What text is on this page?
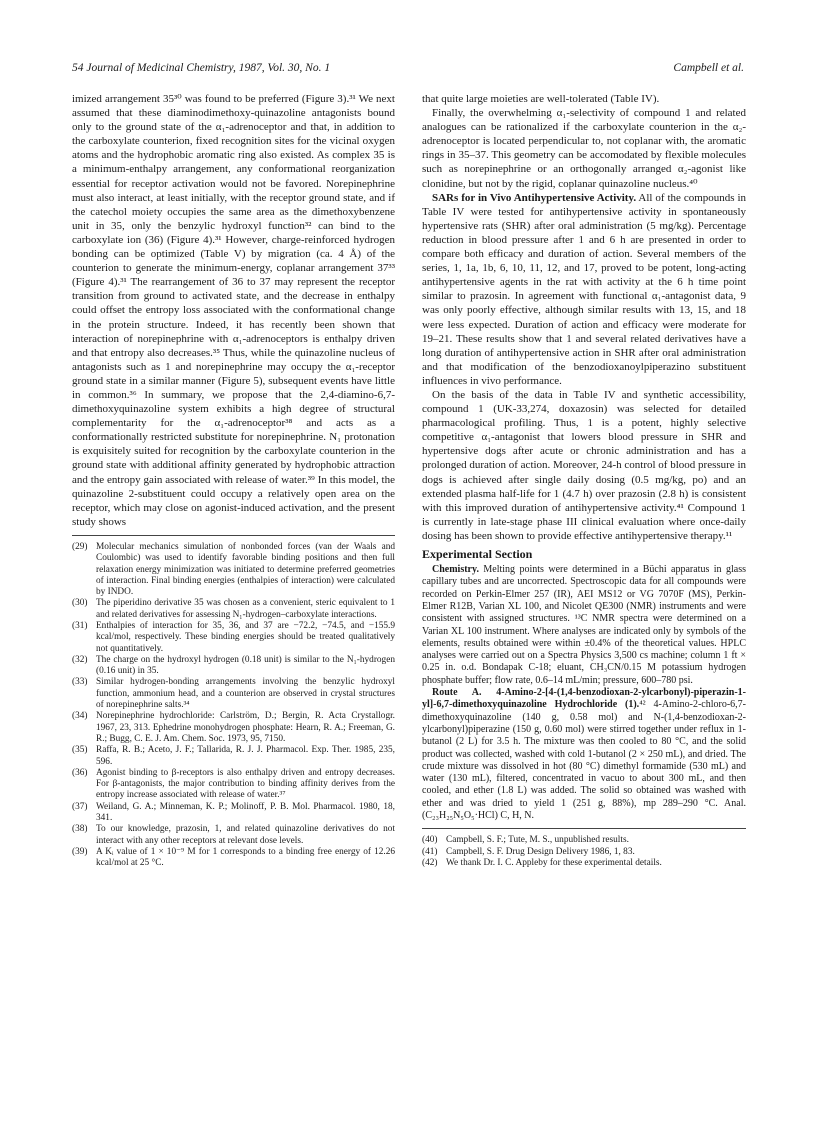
54 Journal of Medicinal Chemistry, 1987, Vol. 30, No. 1	Campbell et al.

imized arrangement 35³⁰ was found to be preferred (Figure 3).³¹ We next assumed that these diaminodimethoxy-quinazoline antagonists bound only to the ground state of the α₁-adrenoceptor and that, in addition to the carboxylate counterion, fixed recognition sites for the vicinal oxygen atoms and the hydrophobic aromatic ring also existed. As complex 35 is a minimum-enthalpy arrangement, any conformational reorganization essential for receptor activation would not be favored. Norepinephrine must also interact, at least initially, with the receptor ground state, and if the catechol moiety occupies the same area as the dimethoxybenzene unit in 35, only the benzylic hydroxyl function³² can bind to the carboxylate ion (36) (Figure 4).³¹ However, charge-reinforced hydrogen bonding can be optimized (Table V) by migration (ca. 4 Å) of the counterion to generate the minimum-energy, coplanar arrangement 37³³ (Figure 4).³¹ The rearrangement of 36 to 37 may represent the receptor transition from ground to activated state, and the decrease in enthalpy could offset the entropy loss associated with the conformational change in the protein structure. Indeed, it has recently been shown that interaction of norepinephrine with α₁-adrenoceptors is enthalpy driven and that entropy also decreases.³⁵ Thus, while the quinazoline nucleus of antagonists such as 1 and norepinephrine may occupy the α₁-receptor ground state in a similar manner (Figure 5), subsequent events have little in common.³⁶ In summary, we propose that the 2,4-diamino-6,7-dimethoxyquinazoline system exhibits a high degree of structural complementarity for the α₁-adrenoceptor³⁸ and acts as a conformationally restricted substitute for norepinephrine. N₁ protonation is exquisitely suited for recognition by the carboxylate counterion in the ground state with additional affinity generated by hydrophobic attraction and the entropy gain associated with release of water.³⁹ In this model, the quinazoline 2-substituent could occupy a relatively open area on the receptor, which may close on agonist-induced activation, and the present study shows

(29) Molecular mechanics simulation of nonbonded forces (van der Waals and Coulombic) was used to identify favorable binding positions and then full relaxation energy minimization was initiated to determine preferred geometries of interaction. Final binding energies (enthalpies of interaction) were calculated by INDO.
(30) The piperidino derivative 35 was chosen as a convenient, steric equivalent to 1 and related derivatives for assessing N₁-hydrogen–carboxylate interactions.
(31) Enthalpies of interaction for 35, 36, and 37 are −72.2, −74.5, and −155.9 kcal/mol, respectively. These binding energies should be treated qualitatively not quantitatively.
(32) The charge on the hydroxyl hydrogen (0.18 unit) is similar to the N₁-hydrogen (0.16 unit) in 35.
(33) Similar hydrogen-bonding arrangements involving the benzylic hydroxyl function, ammonium head, and a counterion are observed in crystal structures of norepinephrine salts.³⁴
(34) Norepinephrine hydrochloride: Carlström, D.; Bergin, R. Acta Crystallogr. 1967, 23, 313. Ephedrine monohydrogen phosphate: Hearn, R. A.; Freeman, G. R.; Bugg, C. E. J. Am. Chem. Soc. 1973, 95, 7150.
(35) Raffa, R. B.; Aceto, J. F.; Tallarida, R. J. J. Pharmacol. Exp. Ther. 1985, 235, 596.
(36) Agonist binding to β-receptors is also enthalpy driven and entropy decreases. For β-antagonists, the major contribution to binding affinity derives from the entropy increase associated with release of water.³⁷
(37) Weiland, G. A.; Minneman, K. P.; Molinoff, P. B. Mol. Pharmacol. 1980, 18, 341.
(38) To our knowledge, prazosin, 1, and related quinazoline derivatives do not interact with any other receptors at relevant dose levels.
(39) A Kᵢ value of 1 × 10⁻⁹ M for 1 corresponds to a binding free energy of 12.26 kcal/mol at 25 °C.

that quite large moieties are well-tolerated (Table IV).

Finally, the overwhelming α₁-selectivity of compound 1 and related analogues can be rationalized if the carboxylate counterion in the α₂-adrenoceptor is located perpendicular to, not coplanar with, the aromatic rings in 35–37. This geometry can be accomodated by flexible molecules such as norepinephrine or an orthogonally arranged α₂-agonist like clonidine, but not by the rigid, coplanar quinazoline nucleus.⁴⁰

SARs for in Vivo Antihypertensive Activity. All of the compounds in Table IV were tested for antihypertensive activity in spontaneously hypertensive rats (SHR) after oral administration (5 mg/kg). Percentage reduction in blood pressure after 1 and 6 h are presented in order to compare both efficacy and duration of action. Several members of the series, 1, 1a, 1b, 6, 10, 11, 12, and 17, proved to be potent, long-acting antihypertensive agents in the rat with activity at the 6 h time point similar to prazosin. In agreement with functional α₁-antagonist data, 9 was only poorly effective, although similar results with 13, 15, and 18 were less expected. Duration of action and efficacy were moderate for 19–21. These results show that 1 and several related derivatives have a long duration of antihypertensive action in SHR after oral administration and that modification of the benzodioxanoylpiperazino substituent influences in vivo performance.

On the basis of the data in Table IV and synthetic accessibility, compound 1 (UK-33,274, doxazosin) was selected for detailed pharmacological profiling. Thus, 1 is a potent, highly selective competitive α₁-antagonist that lowers blood pressure in SHR and hypertensive dogs after acute or chronic administration and has a prolonged duration of action. Moreover, 24-h control of blood pressure in dogs is achieved after single daily dosing (0.5 mg/kg, po) and an extended plasma half-life for 1 (4.7 h) over prazosin (2.8 h) is consistent with this improved duration of antihypertensive activity.⁴¹ Compound 1 is currently in late-stage phase III clinical evaluation where once-daily dosing has been shown to provide effective antihypertensive therapy.¹¹

Experimental Section

Chemistry. Melting points were determined in a Büchi apparatus in glass capillary tubes and are uncorrected. Spectroscopic data for all compounds were recorded on Perkin-Elmer 257 (IR), AEI MS12 or VG 7070F (MS), Perkin-Elmer R12B, Varian XL 100, and Nicolet QE300 (NMR) instruments and were consistent with assigned structures. ¹³C NMR spectra were determined on a Varian XL 100 instrument. Where analyses are indicated only by symbols of the elements, results obtained were within ±0.4% of the theoretical values. HPLC analyses were carried out on a Spectra Physics 3,500 cs machine; column 1 ft × 0.25 in. o.d. Bondapak C-18; eluant, CH₃CN/0.15 M potassium hydrogen phosphate buffer; flow rate, 0.6–14 mL/min; pressure, 600–780 psi.

Route A. 4-Amino-2-[4-(1,4-benzodioxan-2-ylcarbonyl)-piperazin-1-yl]-6,7-dimethoxyquinazoline Hydrochloride (1).⁴² 4-Amino-2-chloro-6,7-dimethoxyquinazoline (140 g, 0.58 mol) and N-(1,4-benzodioxan-2-ylcarbonyl)piperazine (150 g, 0.60 mol) were stirred together under reflux in 1-butanol (2 L) for 3.5 h. The mixture was then cooled to 80 °C, and the solid product was collected, washed with cold 1-butanol (2 × 250 mL), and dried. The crude mixture was dissolved in hot (80 °C) dimethyl formamide (530 mL) and water (130 mL), filtered, concentrated in vacuo to about 300 mL, and then cooled, and ether (1.8 L) was added. The solid so obtained was washed with ether and was dried to yield 1 (251 g, 88%), mp 289–290 °C. Anal. (C₂₃H₂₅N₅O₅·HCl) C, H, N.

(40) Campbell, S. F.; Tute, M. S., unpublished results.
(41) Campbell, S. F. Drug Design Delivery 1986, 1, 83.
(42) We thank Dr. I. C. Appleby for these experimental details.
